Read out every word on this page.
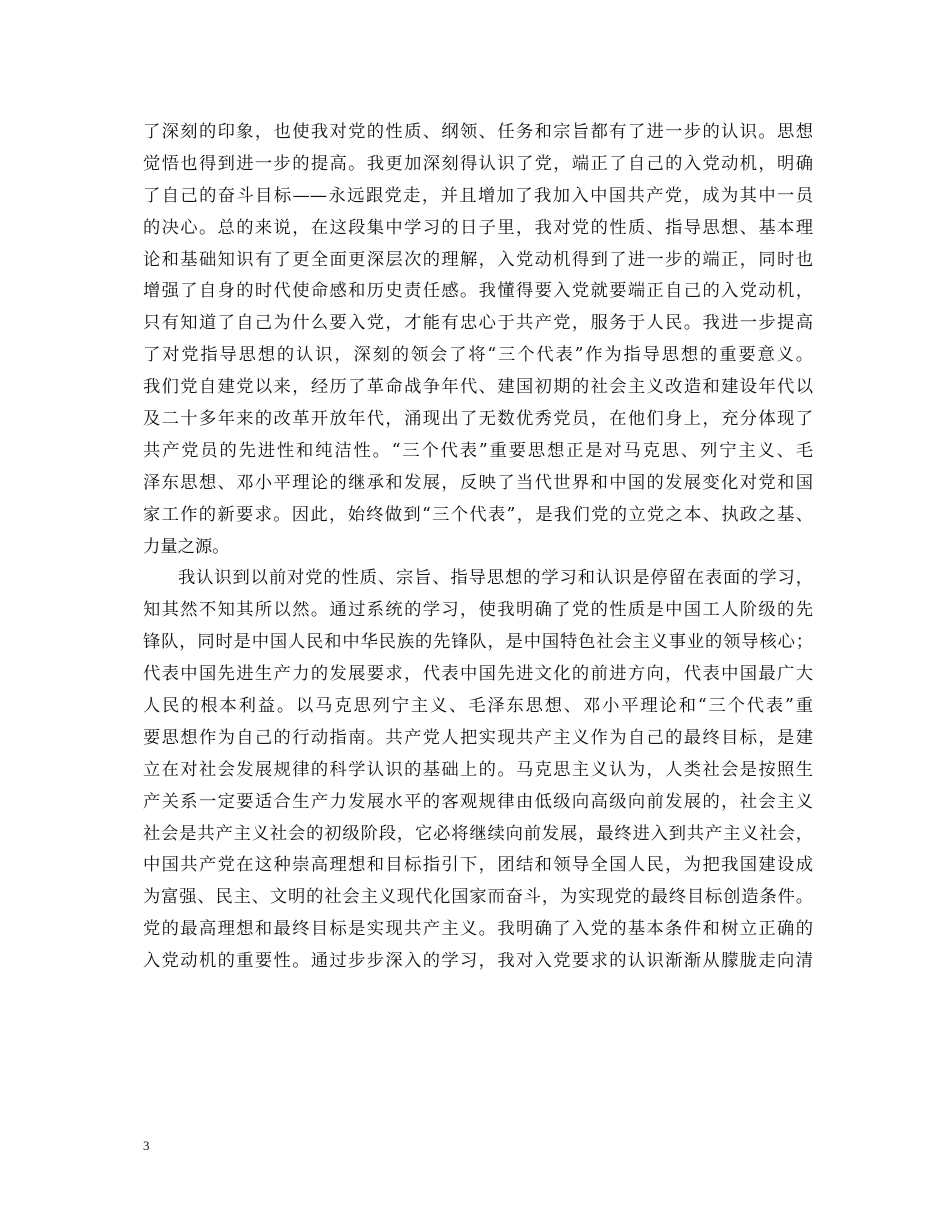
了深刻的印象，也使我对党的性质、纲领、任务和宗旨都有了进一步的认识。思想
觉悟也得到进一步的提高。我更加深刻得认识了党，端正了自己的入党动机，明确
了自己的奋斗目标——永远跟党走，并且增加了我加入中国共产党，成为其中一员
的决心。总的来说，在这段集中学习的日子里，我对党的性质、指导思想、基本理
论和基础知识有了更全面更深层次的理解，入党动机得到了进一步的端正，同时也
增强了自身的时代使命感和历史责任感。我懂得要入党就要端正自己的入党动机，
只有知道了自己为什么要入党，才能有忠心于共产党，服务于人民。我进一步提高
了对党指导思想的认识，深刻的领会了将“三个代表”作为指导思想的重要意义。
我们党自建党以来，经历了革命战争年代、建国初期的社会主义改造和建设年代以
及二十多年来的改革开放年代，涌现出了无数优秀党员，在他们身上，充分体现了
共产党员的先进性和纯洁性。“三个代表”重要思想正是对马克思、列宁主义、毛
泽东思想、邓小平理论的继承和发展，反映了当代世界和中国的发展变化对党和国
家工作的新要求。因此，始终做到“三个代表”，是我们党的立党之本、执政之基、
力量之源。
我认识到以前对党的性质、宗旨、指导思想的学习和认识是停留在表面的学习，
知其然不知其所以然。通过系统的学习，使我明确了党的性质是中国工人阶级的先
锋队，同时是中国人民和中华民族的先锋队，是中国特色社会主义事业的领导核心；
代表中国先进生产力的发展要求，代表中国先进文化的前进方向，代表中国最广大
人民的根本利益。以马克思列宁主义、毛泽东思想、邓小平理论和“三个代表”重
要思想作为自己的行动指南。共产党人把实现共产主义作为自己的最终目标，是建
立在对社会发展规律的科学认识的基础上的。马克思主义认为，人类社会是按照生
产关系一定要适合生产力发展水平的客观规律由低级向高级向前发展的，社会主义
社会是共产主义社会的初级阶段，它必将继续向前发展，最终进入到共产主义社会，
中国共产党在这种崇高理想和目标指引下，团结和领导全国人民，为把我国建设成
为富强、民主、文明的社会主义现代化国家而奋斗，为实现党的最终目标创造条件。
党的最高理想和最终目标是实现共产主义。我明确了入党的基本条件和树立正确的
入党动机的重要性。通过步步深入的学习，我对入党要求的认识渐渐从朦胧走向清
3
